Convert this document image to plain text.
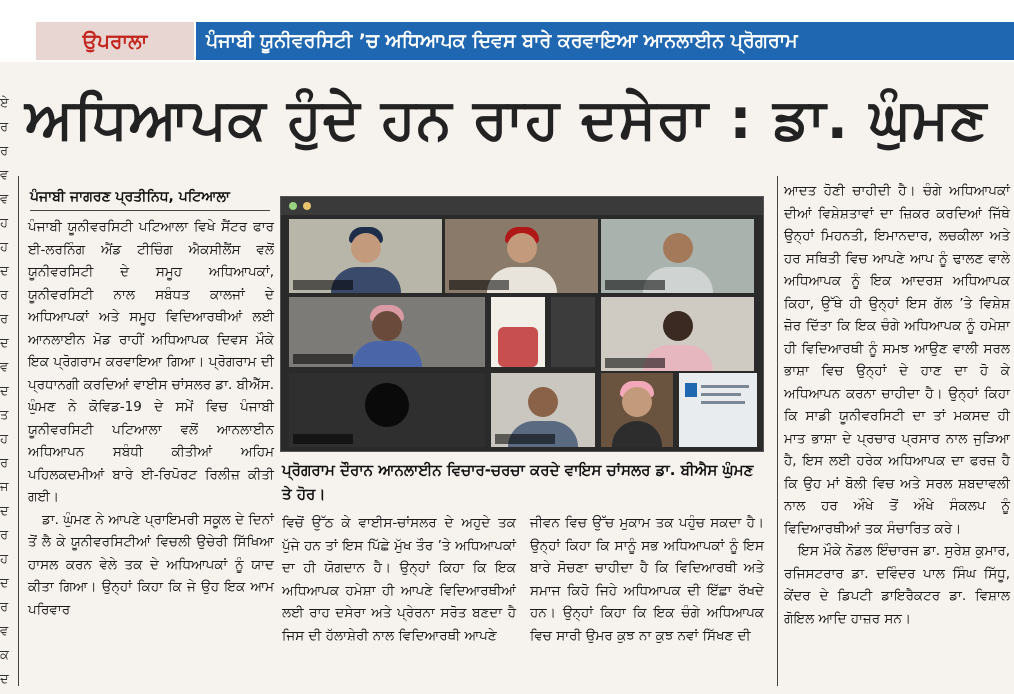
ਉਪਰਾਲਾ	ਪੰਜਾਬੀ ਯੂਨੀਵਰਸਿਟੀ ’ਚ ਅਧਿਆਪਕ ਦਿਵਸ ਬਾਰੇ ਕਰਵਾਇਆ ਆਨਲਾਈਨ ਪ੍ਰੋਗਰਾਮ
ਅਧਿਆਪਕ ਹੁੰਦੇ ਹਨ ਰਾਹ ਦਸੇਰਾ : ਡਾ. ਘੁੰਮਣ
ਏ ਰ ਰ ਵ ਵ ਹ ਹ ਦ ਰ ਰ ਦ ਵ ਦ ਤ ਹ ਰ ਜ ਦ ਰ ਹ ਦ ਰ ਵ ਕ ਦ
ਪੰਜਾਬੀ ਜਾਗਰਣ ਪ੍ਰਤੀਨਿਧ, ਪਟਿਆਲਾ

ਪੰਜਾਬੀ ਯੂਨੀਵਰਸਿਟੀ ਪਟਿਆਲਾ ਵਿਖੇ ਸੈਂਟਰ ਫਾਰ ਈ-ਲਰਨਿੰਗ ਐਂਡ ਟੀਚਿੰਗ ਐਕਸੀਲੈਂਸ ਵਲੋਂ ਯੂਨੀਵਰਸਿਟੀ ਦੇ ਸਮੂਹ ਅਧਿਆਪਕਾਂ, ਯੂਨੀਵਰਸਿਟੀ ਨਾਲ ਸਬੰਧਤ ਕਾਲਜਾਂ ਦੇ ਅਧਿਆਪਕਾਂ ਅਤੇ ਸਮੂਹ ਵਿਦਿਆਰਥੀਆਂ ਲਈ ਆਨਲਾਈਨ ਮੋਡ ਰਾਹੀਂ ਅਧਿਆਪਕ ਦਿਵਸ ਮੌਕੇ ਇਕ ਪ੍ਰੋਗਰਾਮ ਕਰਵਾਇਆ ਗਿਆ। ਪ੍ਰੋਗਰਾਮ ਦੀ ਪ੍ਰਧਾਨਗੀ ਕਰਦਿਆਂ ਵਾਈਸ ਚਾਂਸਲਰ ਡਾ. ਬੀਐੱਸ. ਘੁੰਮਣ ਨੇ ਕੋਵਿਡ-19 ਦੇ ਸਮੇਂ ਵਿਚ ਪੰਜਾਬੀ ਯੂਨੀਵਰਸਿਟੀ ਪਟਿਆਲਾ ਵਲੋਂ ਆਨਲਾਈਨ ਅਧਿਆਪਨ ਸਬੰਧੀ ਕੀਤੀਆਂ ਅਹਿਮ ਪਹਿਲਕਦਮੀਆਂ ਬਾਰੇ ਈ-ਰਿਪੋਰਟ ਰਿਲੀਜ਼ ਕੀਤੀ ਗਈ।

ਡਾ. ਘੁੰਮਣ ਨੇ ਆਪਣੇ ਪ੍ਰਾਇਮਰੀ ਸਕੂਲ ਦੇ ਦਿਨਾਂ ਤੋਂ ਲੈ ਕੇ ਯੂਨੀਵਰਸਿਟੀਆਂ ਵਿਚਲੀ ਉਚੇਰੀ ਸਿੱਖਿਆ ਹਾਸਲ ਕਰਨ ਵੇਲੇ ਤਕ ਦੇ ਅਧਿਆਪਕਾਂ ਨੂੰ ਯਾਦ ਕੀਤਾ ਗਿਆ। ਉਨ੍ਹਾਂ ਕਿਹਾ ਕਿ ਜੇ ਉਹ ਇਕ ਆਮ ਪਰਿਵਾਰ

ਪ੍ਰੋਗਰਾਮ ਦੌਰਾਨ ਆਨਲਾਈਨ ਵਿਚਾਰ-ਚਰਚਾ ਕਰਦੇ ਵਾਇਸ ਚਾਂਸਲਰ ਡਾ. ਬੀਐਸ ਘੁੰਮਣ ਤੇ ਹੋਰ।

ਵਿਚੋਂ ਉੱਠ ਕੇ ਵਾਈਸ-ਚਾਂਸਲਰ ਦੇ ਅਹੁਦੇ ਤਕ ਪੁੱਜੇ ਹਨ ਤਾਂ ਇਸ ਪਿੱਛੇ ਮੁੱਖ ਤੌਰ ’ਤੇ ਅਧਿਆਪਕਾਂ ਦਾ ਹੀ ਯੋਗਦਾਨ ਹੈ। ਉਨ੍ਹਾਂ ਕਿਹਾ ਕਿ ਇਕ ਅਧਿਆਪਕ ਹਮੇਸ਼ਾ ਹੀ ਆਪਣੇ ਵਿਦਿਆਰਥੀਆਂ ਲਈ ਰਾਹ ਦਸੇਰਾ ਅਤੇ ਪ੍ਰੇਰਨਾ ਸਰੋਤ ਬਣਦਾ ਹੈ ਜਿਸ ਦੀ ਹੱਲਾਸ਼ੇਰੀ ਨਾਲ ਵਿਦਿਆਰਥੀ ਆਪਣੇ

ਜੀਵਨ ਵਿਚ ਉੱਚ ਮੁਕਾਮ ਤਕ ਪਹੁੰਚ ਸਕਦਾ ਹੈ। ਉਨ੍ਹਾਂ ਕਿਹਾ ਕਿ ਸਾਨੂੰ ਸਭ ਅਧਿਆਪਕਾਂ ਨੂੰ ਇਸ ਬਾਰੇ ਸੋਚਣਾ ਚਾਹੀਦਾ ਹੈ ਕਿ ਵਿਦਿਆਰਥੀ ਅਤੇ ਸਮਾਜ ਕਿਹੋ ਜਿਹੇ ਅਧਿਆਪਕ ਦੀ ਇੱਛਾ ਰੱਖਦੇ ਹਨ। ਉਨ੍ਹਾਂ ਕਿਹਾ ਕਿ ਇਕ ਚੰਗੇ ਅਧਿਆਪਕ ਵਿਚ ਸਾਰੀ ਉਮਰ ਕੁਝ ਨਾ ਕੁਝ ਨਵਾਂ ਸਿੱਖਣ ਦੀ

ਆਦਤ ਹੋਣੀ ਚਾਹੀਦੀ ਹੈ। ਚੰਗੇ ਅਧਿਆਪਕਾਂ ਦੀਆਂ ਵਿਸ਼ੇਸ਼ਤਾਵਾਂ ਦਾ ਜ਼ਿਕਰ ਕਰਦਿਆਂ ਜਿੱਥੇ ਉਨ੍ਹਾਂ ਮਿਹਨਤੀ, ਇਮਾਨਦਾਰ, ਲਚਕੀਲਾ ਅਤੇ ਹਰ ਸਥਿਤੀ ਵਿਚ ਆਪਣੇ ਆਪ ਨੂੰ ਢਾਲਣ ਵਾਲੇ ਅਧਿਆਪਕ ਨੂੰ ਇਕ ਆਦਰਸ਼ ਅਧਿਆਪਕ ਕਿਹਾ, ਉੱਥੇ ਹੀ ਉਨ੍ਹਾਂ ਇਸ ਗੱਲ ’ਤੇ ਵਿਸ਼ੇਸ਼ ਜ਼ੋਰ ਦਿੱਤਾ ਕਿ ਇਕ ਚੰਗੇ ਅਧਿਆਪਕ ਨੂੰ ਹਮੇਸ਼ਾ ਹੀ ਵਿਦਿਆਰਥੀ ਨੂੰ ਸਮਝ ਆਉਣ ਵਾਲੀ ਸਰਲ ਭਾਸ਼ਾ ਵਿਚ ਉਨ੍ਹਾਂ ਦੇ ਹਾਣ ਦਾ ਹੋ ਕੇ ਅਧਿਆਪਨ ਕਰਨਾ ਚਾਹੀਦਾ ਹੈ। ਉਨ੍ਹਾਂ ਕਿਹਾ ਕਿ ਸਾਡੀ ਯੂਨੀਵਰਸਿਟੀ ਦਾ ਤਾਂ ਮਕਸਦ ਹੀ ਮਾਤ ਭਾਸ਼ਾ ਦੇ ਪ੍ਰਚਾਰ ਪ੍ਰਸਾਰ ਨਾਲ ਜੁੜਿਆ ਹੈ, ਇਸ ਲਈ ਹਰੇਕ ਅਧਿਆਪਕ ਦਾ ਫਰਜ਼ ਹੈ ਕਿ ਉਹ ਮਾਂ ਬੋਲੀ ਵਿਚ ਅਤੇ ਸਰਲ ਸ਼ਬਦਾਵਲੀ ਨਾਲ ਹਰ ਔਖੇ ਤੋਂ ਔਖੇ ਸੰਕਲਪ ਨੂੰ ਵਿਦਿਆਰਥੀਆਂ ਤਕ ਸੰਚਾਰਿਤ ਕਰੇ।

ਇਸ ਮੌਕੇ ਨੋਡਲ ਇੰਚਾਰਜ ਡਾ. ਸੁਰੇਸ਼ ਕੁਮਾਰ, ਰਜਿਸਟਰਾਰ ਡਾ. ਦਵਿੰਦਰ ਪਾਲ ਸਿੰਘ ਸਿੱਧੂ, ਕੇਂਦਰ ਦੇ ਡਿਪਟੀ ਡਾਇਰੈਕਟਰ ਡਾ. ਵਿਸ਼ਾਲ ਗੋਇਲ ਆਦਿ ਹਾਜ਼ਰ ਸਨ।
